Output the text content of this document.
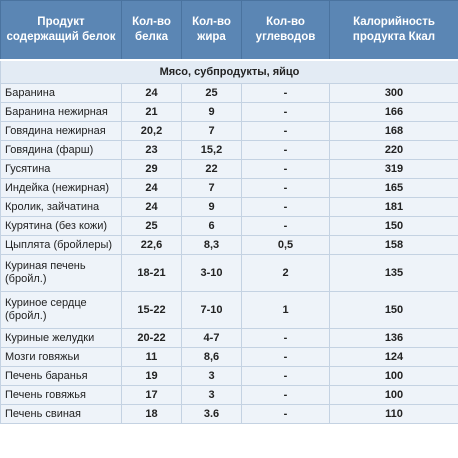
Продукт содержащий белок	Кол-во белка	Кол-во жира	Кол-во углеводов	Калорийность продукта Ккал
Мясо, субпродукты, яйцо				
Баранина	24	25	-	300
Баранина нежирная	21	9	-	166
Говядина нежирная	20,2	7	-	168
Говядина (фарш)	23	15,2	-	220
Гусятина	29	22	-	319
Индейка (нежирная)	24	7	-	165
Кролик, зайчатина	24	9	-	181
Курятина (без кожи)	25	6	-	150
Цыплята (бройлеры)	22,6	8,3	0,5	158
Куриная печень (бройл.)	18-21	3-10	2	135
Куриное сердце (бройл.)	15-22	7-10	1	150
Куриные желудки	20-22	4-7	-	136
Мозги говяжьи	11	8,6	-	124
Печень баранья	19	3	-	100
Печень говяжья	17	3	-	100
Печень свиная	18	3.6	-	110
